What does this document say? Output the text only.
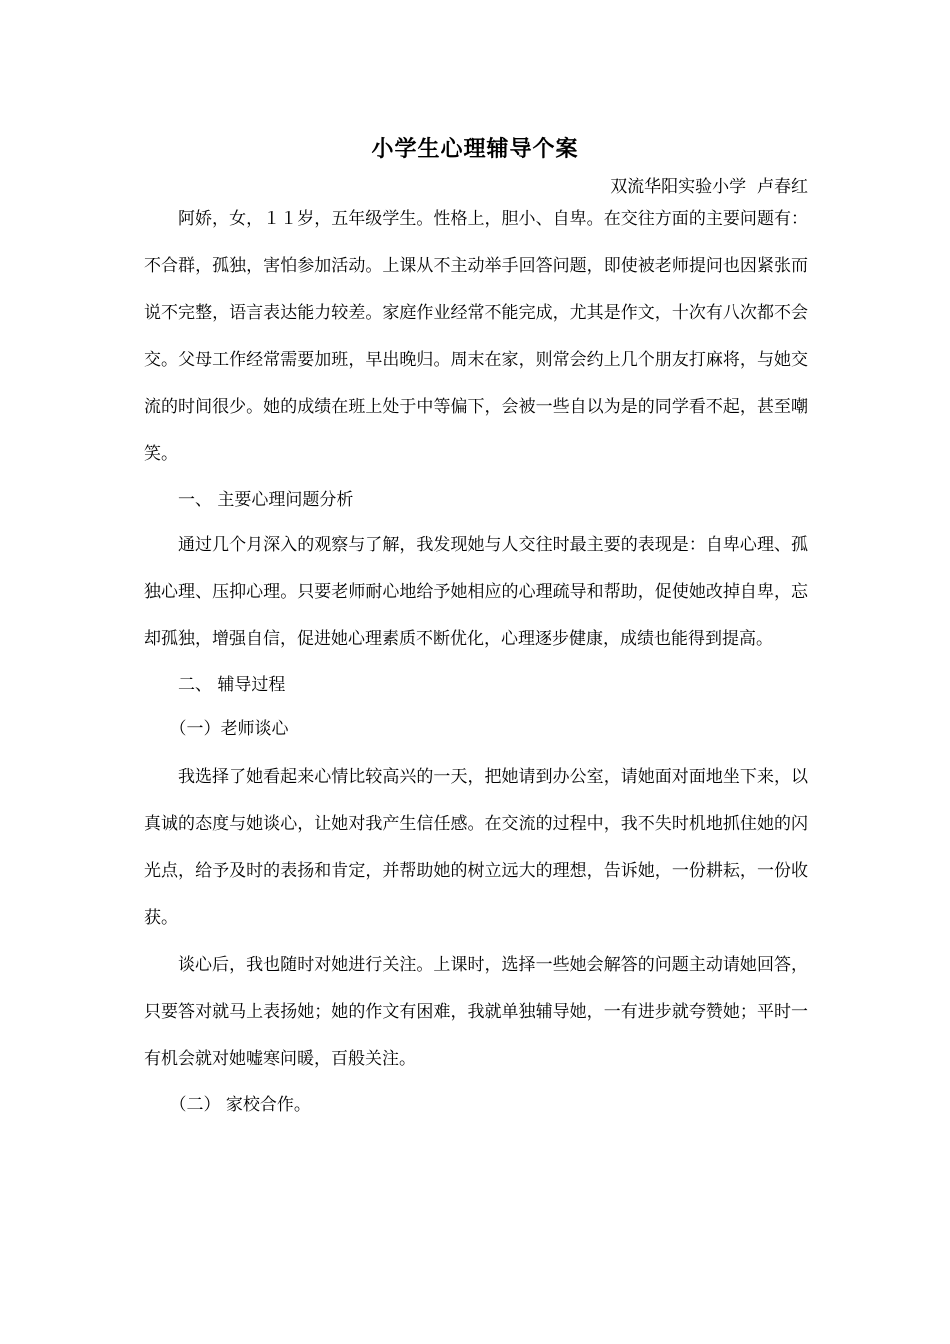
小学生心理辅导个案
双流华阳实验小学  卢春红

阿娇，女，１１岁，五年级学生。性格上，胆小、自卑。在交往方面的主要问题有：不合群，孤独，害怕参加活动。上课从不主动举手回答问题，即使被老师提问也因紧张而说不完整，语言表达能力较差。家庭作业经常不能完成，尤其是作文，十次有八次都不会交。父母工作经常需要加班，早出晚归。周末在家，则常会约上几个朋友打麻将，与她交流的时间很少。她的成绩在班上处于中等偏下，会被一些自以为是的同学看不起，甚至嘲笑。

一、 主要心理问题分析

通过几个月深入的观察与了解，我发现她与人交往时最主要的表现是：自卑心理、孤独心理、压抑心理。只要老师耐心地给予她相应的心理疏导和帮助，促使她改掉自卑，忘却孤独，增强自信，促进她心理素质不断优化，心理逐步健康，成绩也能得到提高。

二、 辅导过程

（一）老师谈心

我选择了她看起来心情比较高兴的一天，把她请到办公室，请她面对面地坐下来，以真诚的态度与她谈心，让她对我产生信任感。在交流的过程中，我不失时机地抓住她的闪光点，给予及时的表扬和肯定，并帮助她的树立远大的理想，告诉她，一份耕耘，一份收获。

谈心后，我也随时对她进行关注。上课时，选择一些她会解答的问题主动请她回答，只要答对就马上表扬她；她的作文有困难，我就单独辅导她，一有进步就夸赞她；平时一有机会就对她嘘寒问暖，百般关注。

（二） 家校合作。
